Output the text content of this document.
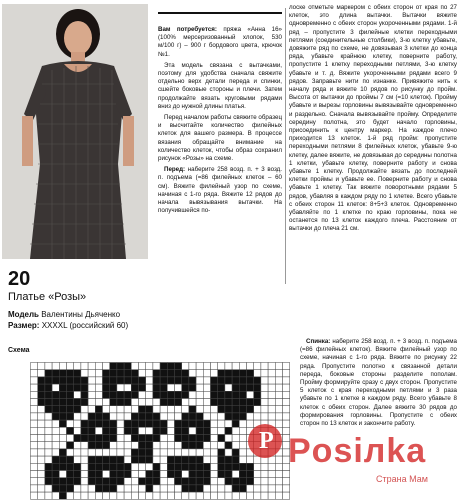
20
Платье «Розы»
Модель Валентины Дьяченко
Размер: XXXXL (российский 60)

Вам потребуется: пряжа «Анна 16» (100% мерсеризованный хлопок, 530 м/100 г) – 900 г бордового цвета, крючок №1.

Эта модель связана с вытачками, поэтому для удобства сначала свяжите отдельно верх детали переда и спинки, сшейте боковые стороны и плечи. Затем продолжайте вязать круговыми рядами вниз до нужной длины платья.

Перед началом работы свяжите образец и высчитайте количество филейных клеток для вашего размера. В процессе вязания обращайте внимание на количество клеток, чтобы образ сохранил рисунок «Розы» на схеме.

Перед: наберите 258 возд. п. + 3 возд. п. подъема (=86 филейных клеток – 60 см). Вяжите филейный узор по схеме, начиная с 1-го ряда. Вяжите 12 рядов до начала вывязывания вытачки. На получившейся по-

лоске отметьте маркером с обеих сторон от края по 27 клеток, это длина вытачки. Вытачки вяжите одновременно с обеих сторон укороченными рядами. 1-й ряд – пропустите 3 филейные клетки переходными петлями (соединительные столбики), 3-ю клетку убавьте, довяжите ряд по схеме, не довязывая 3 клетки до конца ряда, убавьте крайнюю клетку, поверните работу, пропустите 1 клетку переходными петлями, 3-ю клетку убавьте и т. д. Вяжите укороченными рядами всего 9 рядов. Заправьте нити по изнанке. Привяжите нить к началу ряда и вяжите 10 рядов по рисунку до пройм. Высота от вытачки до проймы 7 см (=10 клеток). Пройму убавьте и вырезы горловины вывязывайте одновременно и раздельно. Сначала вывязывайте пройму. Определите середину полотна, это будет начало горловины, присоединить к центру маркер. На каждое плечо приходится 13 клеток. 1-й ряд пройм: пропустите переходными петлями 8 филейных клеток, убавьте 9-ю клетку, далее вяжите, не довязывая до середины полотна 1 клетки, убавьте клетку, поверните работу и снова убавьте 1 клетку. Продолжайте вязать до последней клетки проймы и убавьте ее. Поверните работу и снова убавьте 1 клетку. Так вяжите поворотными рядами 5 рядов, убавляя в каждом ряду по 1 клетке. Всего убавьте с обеих сторон 11 клеток: 8+5+3 клеток. Одновременно убавляйте по 1 клетке по краю горловины, пока не останется по 13 клеток каждого плеча. Расстояние от вытачки до плеча 21 см.

Спинка: наберите 258 возд. п. + 3 возд. п. подъема (=86 филейных клеток). Вяжите филейный узор по схеме, начиная с 1-го ряда. Вяжите по рисунку 22 ряда. Пропустите полотно к связанной детали переда, боковые стороны разделите пополам. Пройму формируйте сразу с двух сторон. Пропустите 5 клеток с края переходными петлями и 3 раза убавьте по 1 клетке в каждом ряду. Всего убавьте 8 клеток с обеих сторон. Далее вяжите 30 рядов до формирования горловины. Пропустите с обеих сторон по 13 клеток и закончите работу.

Схема
P Posiлka
Страна Мам
